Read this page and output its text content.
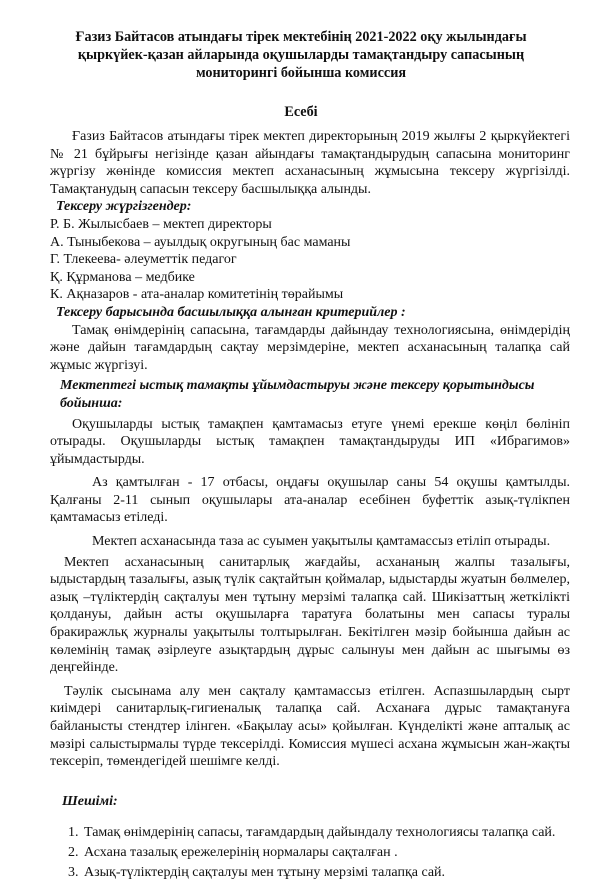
Ғазиз Байтасов атындағы тірек мектебінің 2021-2022 оқу жылындағы қыркүйек-қазан айларында оқушыларды тамақтандыру сапасының мониторингі бойынша комиссия
Есебі

Ғазиз Байтасов атындағы тірек мектеп директорының 2019 жылғы 2 қыркүйектегі № 21 бұйрығы негізінде қазан айындағы тамақтандырудың сапасына мониторинг жүргізу жөнінде комиссия мектеп асханасының жұмысына тексеру жүргізілді. Тамақтанудың сапасын тексеру басшылыққа алынды.

Тексеру жүргізгендер:

Р. Б. Жылысбаев – мектеп директоры

А. Тыныбекова – ауылдық округының бас маманы

Г. Тлекеева- әлеуметтік педагог

Қ. Құрманова – медбике

К. Ақназаров - ата-аналар комитетінің төрайымы

Тексеру барысында басшылыққа алынған критерийлер :

Тамақ өнімдерінің сапасына, тағамдарды дайындау технологиясына, өнімдерідің және дайын тағамдардың сақтау мерзімдеріне, мектеп асханасының талапқа сай жұмыс жүргізуі.

Мектептегі ыстық тамақты ұйымдастыруы және тексеру қорытындысы бойынша:

Оқушыларды ыстық тамақпен қамтамасыз етуге үнемі ерекше көңіл бөлініп отырады. Оқушыларды ыстық тамақпен тамақтандыруды ИП «Ибрагимов» ұйымдастырды.

Аз қамтылған - 17 отбасы, оңдағы оқушылар саны 54 оқушы қамтылды. Қалғаны 2-11 сынып оқушылары ата-аналар есебінен буфеттік азық-түлікпен қамтамасыз етіледі.

Мектеп асханасында таза ас суымен уақытылы қамтамассыз етіліп отырады.

Мектеп асханасының санитарлық жағдайы, асхананың жалпы тазалығы, ыдыстардың тазалығы, азық түлік сақтайтын қоймалар, ыдыстарды жуатын бөлмелер, азық –түліктердің сақталуы мен тұтыну мерзімі талапқа сай. Шикізаттың жеткілікті қолдануы, дайын асты оқушыларға таратуға болатыны мен сапасы туралы бракиражльқ журналы уақытылы толтырылған. Бекітілген мәзір бойынша дайын ас көлемінің тамақ әзірлеуге азықтардың дұрыс салынуы мен дайын ас шығымы өз деңгейінде.

Тәулік сысынама алу мен сақталу қамтамассыз етілген. Аспазшылардың сырт киімдері санитарлық-гигиеналық талапқа сай. Асханаға дұрыс тамақтануға байланысты стендтер ілінген. «Бақылау асы» қойылған. Күнделікті және апталық ас мәзірі салыстырмалы түрде тексерілді. Комиссия мүшесі асхана жұмысын жан-жақты тексеріп, төмендегідей шешімге келді.

Шешімі:

1. Тамақ өнімдерінің сапасы, тағамдардың дайындалу технологиясы талапқа сай.
2. Асхана тазалық ережелерінің нормалары сақталған .
3. Азық-түліктердің сақталуы мен тұтыну мерзімі талапқа сай.
